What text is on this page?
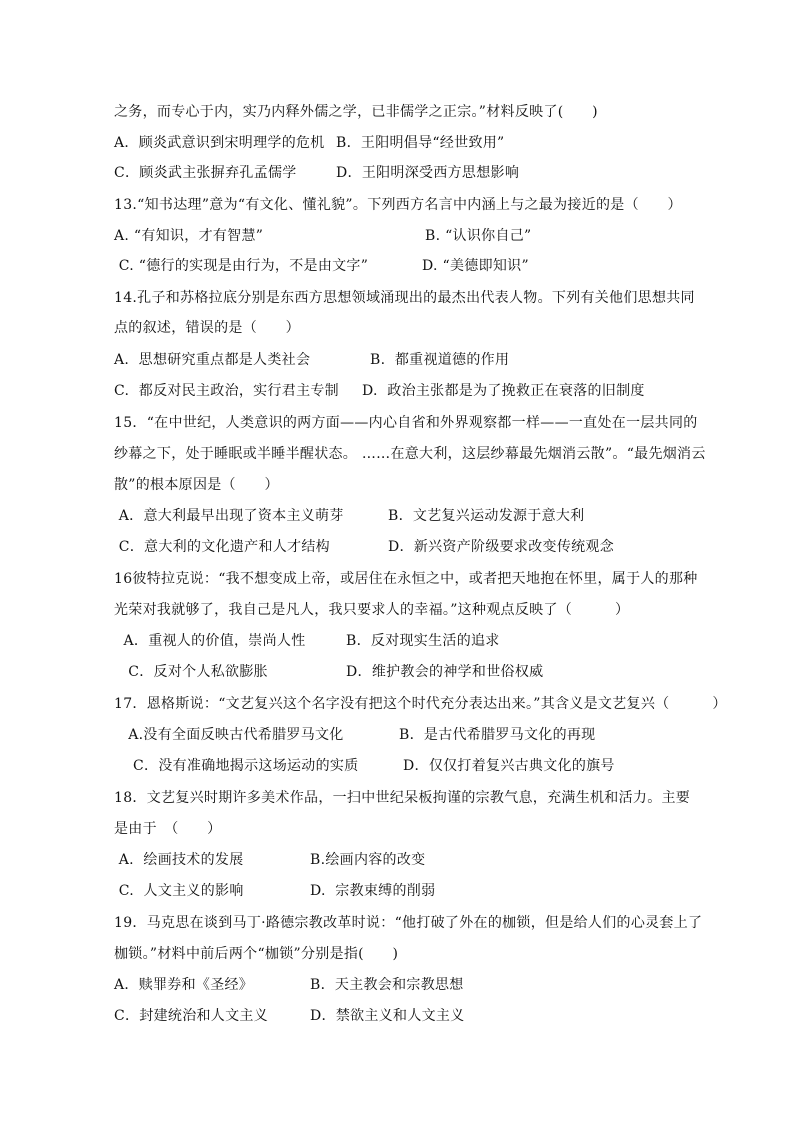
之务，而专心于内，实乃内释外儒之学，已非儒学之正宗。”材料反映了(　　)
A．顾炎武意识到宋明理学的危机 B．王阳明倡导“经世致用”
C．顾炎武主张摒弃孔孟儒学	D．王阳明深受西方思想影响
13.“知书达理”意为“有文化、懂礼貌”。下列西方名言中内涵上与之最为接近的是（　　）
A. “有知识，才有智慧”	B. “认识你自己”
C. “德行的实现是由行为，不是由文字”	D. “美德即知识”
14.孔子和苏格拉底分别是东西方思想领域涌现出的最杰出代表人物。下列有关他们思想共同
点的叙述，错误的是（　　）
A.  思想研究重点都是人类社会	B.  都重视道德的作用
C.  都反对民主政治，实行君主专制 D.  政治主张都是为了挽救正在衰落的旧制度
15．“在中世纪，人类意识的两方面——内心自省和外界观察都一样——一直处在一层共同的
纱幕之下，处于睡眠或半睡半醒状态。 ……在意大利，这层纱幕最先烟消云散”。“最先烟消云
散”的根本原因是（　　）
A．意大利最早出现了资本主义萌芽	B．文艺复兴运动发源于意大利
C．意大利的文化遗产和人才结构	D．新兴资产阶级要求改变传统观念
16彼特拉克说：“我不想变成上帝，或居住在永恒之中，或者把天地抱在怀里，属于人的那种
光荣对我就够了，我自己是凡人，我只要求人的幸福。”这种观点反映了（　　　）
A．重视人的价值，崇尚人性	B．反对现实生活的追求
C．反对个人私欲膨胀	D．维护教会的神学和世俗权威
17．恩格斯说：“文艺复兴这个名字没有把这个时代充分表达出来。”其含义是文艺复兴（　　　）
A.没有全面反映古代希腊罗马文化	B．是古代希腊罗马文化的再现
C．没有准确地揭示这场运动的实质	D．仅仅打着复兴古典文化的旗号
18．文艺复兴时期许多美术作品，一扫中世纪呆板拘谨的宗教气息，充满生机和活力。主要
是由于　（　　）
A.  绘画技术的发展	B.绘画内容的改变
C.  人文主义的影响	D.  宗教束缚的削弱
19．马克思在谈到马丁·路德宗教改革时说：“他打破了外在的枷锁，但是给人们的心灵套上了
枷锁。”材料中前后两个“枷锁”分别是指(　　)
A．赎罪券和《圣经》	B．天主教会和宗教思想
C．封建统治和人文主义	D．禁欲主义和人文主义
